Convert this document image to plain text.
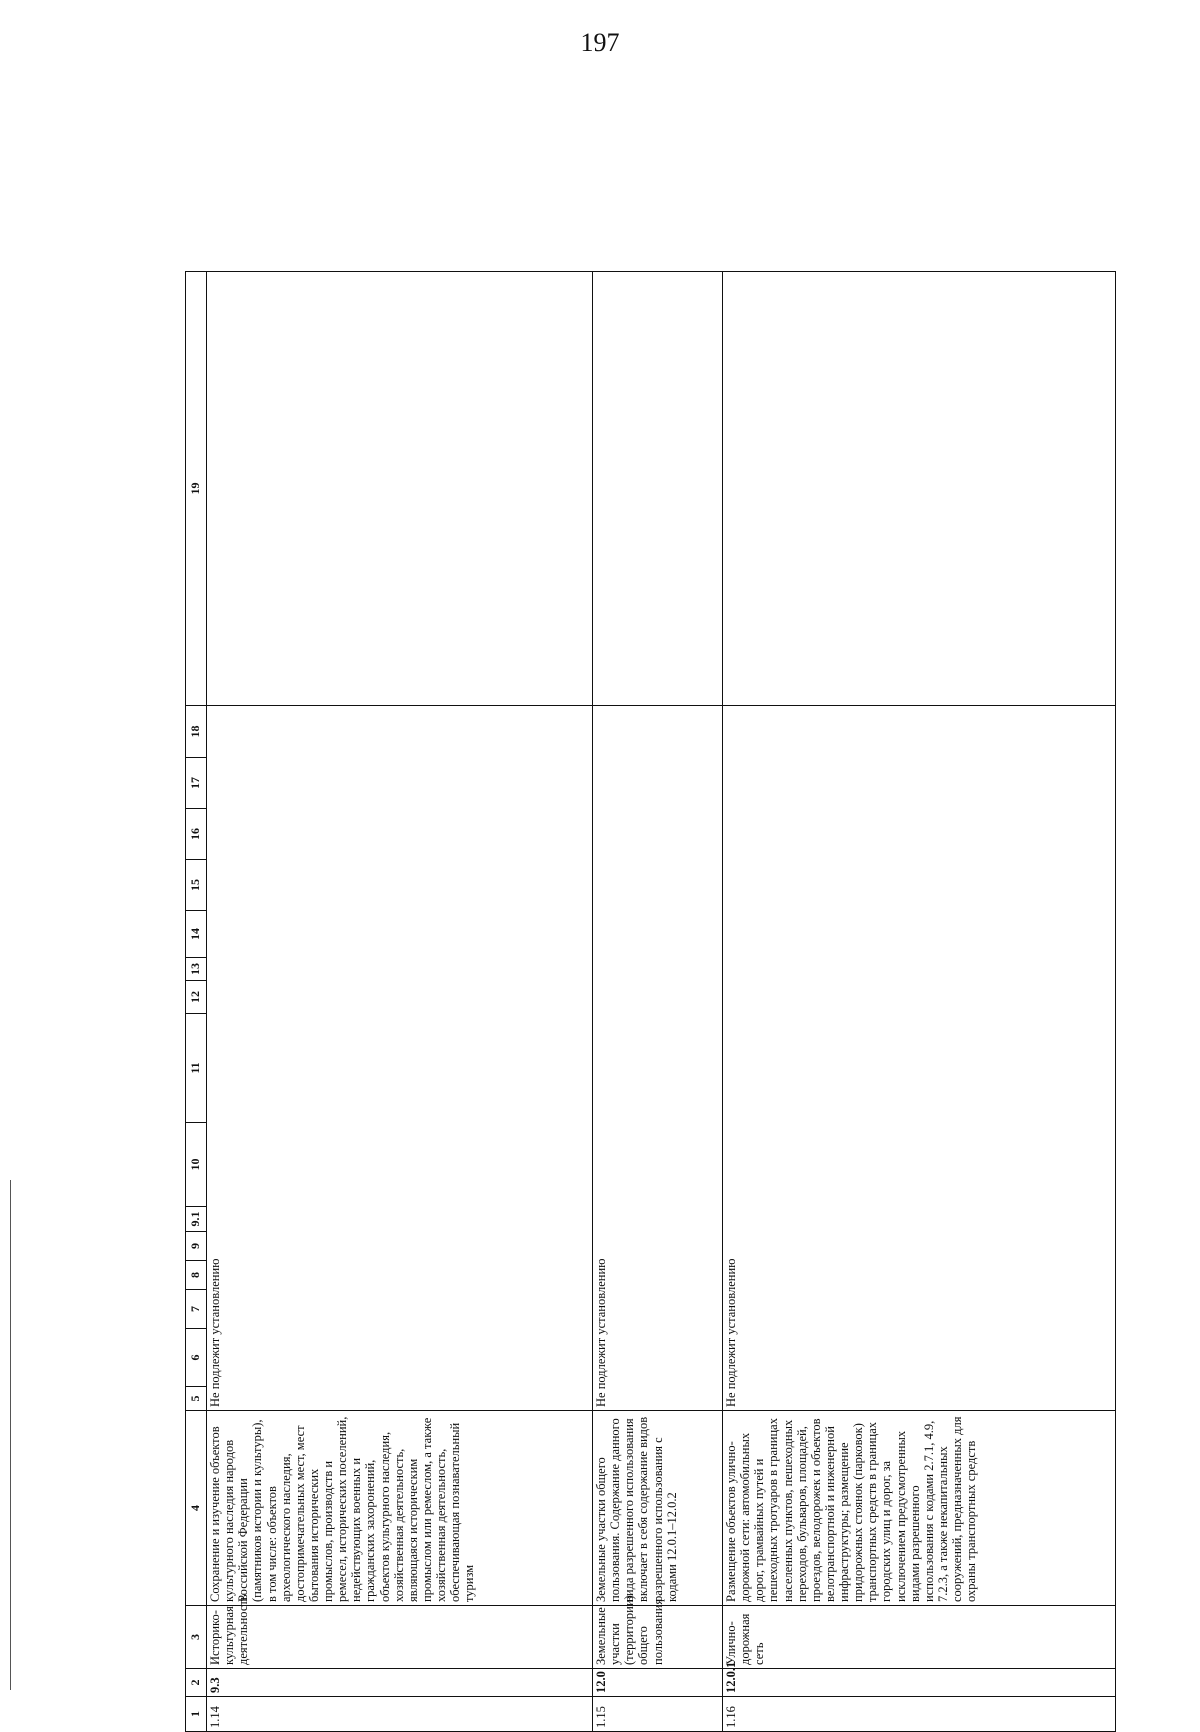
197
1	2	3	4	5	6	7	8	9	9.1	10	11	12	13	14	15	16	17	18	19
1.14	9.3	Историко-культурная деятельность	Сохранение и изучение объектов культурного наследия народов Российской Федерации (памятников истории и культуры), в том числе: объектов археологического наследия, достопримечательных мест, мест бытования исторических промыслов, производств и ремесел, исторических поселений, недействующих военных и гражданских захоронений, объектов культурного наследия, хозяйственная деятельность, являющаяся историческим промыслом или ремеслом, а также хозяйственная деятельность, обеспечивающая познавательный туризм	Не подлежит установлению															
1.15	12.0	Земельные участки (территории) общего пользования	Земельные участки общего пользования. Содержание данного вида разрешенного использования включает в себя содержание видов разрешенного использования с кодами 12.0.1–12.0.2	Не подлежит установлению															
1.16	12.0.1	Улично-дорожная сеть	Размещение объектов улично-дорожной сети: автомобильных дорог, трамвайных путей и пешеходных тротуаров в границах населенных пунктов, пешеходных переходов, бульваров, площадей, проездов, велодорожек и объектов велотранспортной и инженерной инфраструктуры; размещение придорожных стоянок (парковок) транспортных средств в границах городских улиц и дорог, за исключением предусмотренных видами разрешенного использования с кодами 2.7.1, 4.9, 7.2.3, а также некапитальных сооружений, предназначенных для охраны транспортных средств	Не подлежит установлению															
